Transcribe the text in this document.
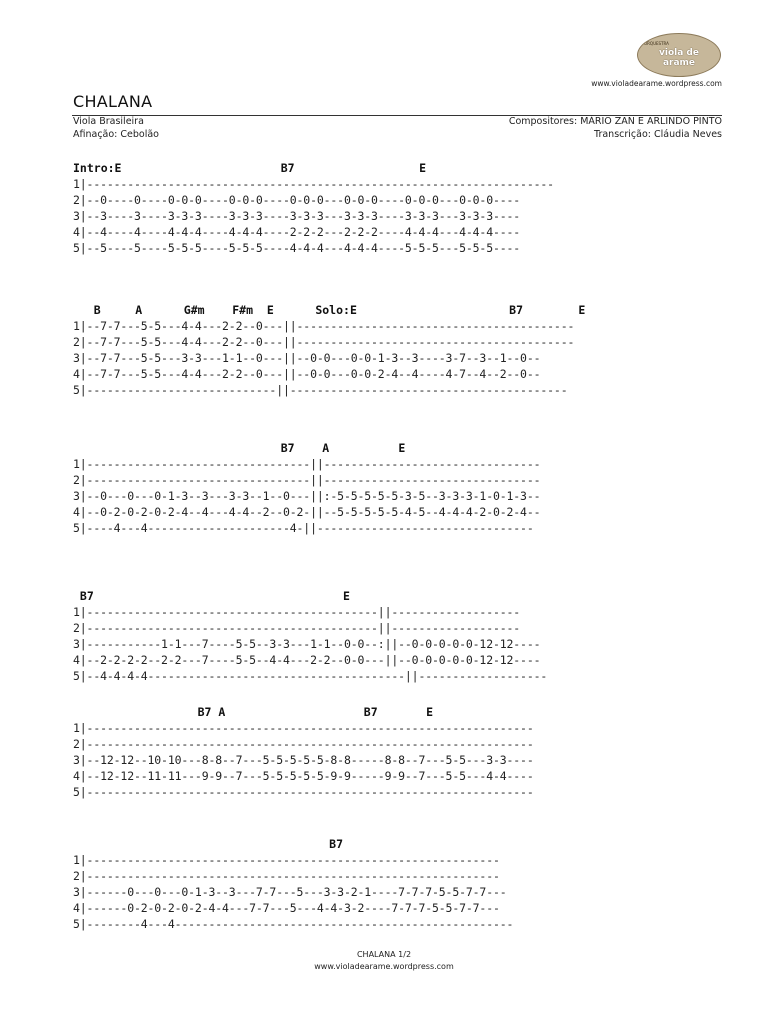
ORQUESTRA
viola de
arame
www.violadearame.wordpress.com
CHALANA
Viola Brasileira
Afinação: Cebolão
Compositores: MÁRIO ZAN E ARLINDO PINTO
Transcrição: Cláudia Neves
Intro:E                       B7                  E
1|---------------------------------------------------------------------
2|--0----0----0-0-0----0-0-0----0-0-0---0-0-0----0-0-0---0-0-0----
3|--3----3----3-3-3----3-3-3----3-3-3---3-3-3----3-3-3---3-3-3----
4|--4----4----4-4-4----4-4-4----2-2-2---2-2-2----4-4-4---4-4-4----
5|--5----5----5-5-5----5-5-5----4-4-4---4-4-4----5-5-5---5-5-5----
B     A      G#m    F#m  E      Solo:E                      B7        E
1|--7-7---5-5---4-4---2-2--0---||-----------------------------------------
2|--7-7---5-5---4-4---2-2--0---||-----------------------------------------
3|--7-7---5-5---3-3---1-1--0---||--0-0---0-0-1-3--3----3-7--3--1--0--
4|--7-7---5-5---4-4---2-2--0---||--0-0---0-0-2-4--4----4-7--4--2--0--
5|----------------------------||-----------------------------------------
B7    A          E
1|---------------------------------||--------------------------------
2|---------------------------------||--------------------------------
3|--0---0---0-1-3--3---3-3--1--0---||:-5-5-5-5-5-3-5--3-3-3-1-0-1-3--
4|--0-2-0-2-0-2-4--4---4-4--2--0-2-||--5-5-5-5-5-4-5--4-4-4-2-0-2-4--
5|----4---4---------------------4-||--------------------------------
B7                                    E
1|-------------------------------------------||-------------------
2|-------------------------------------------||-------------------
3|-----------1-1---7----5-5--3-3---1-1--0-0--:||--0-0-0-0-0-12-12----
4|--2-2-2-2--2-2---7----5-5--4-4---2-2--0-0---||--0-0-0-0-0-12-12----
5|--4-4-4-4--------------------------------------||-------------------
B7 A                    B7       E
1|------------------------------------------------------------------
2|------------------------------------------------------------------
3|--12-12--10-10---8-8--7---5-5-5-5-5-8-8-----8-8--7---5-5---3-3----
4|--12-12--11-11---9-9--7---5-5-5-5-5-9-9-----9-9--7---5-5---4-4----
5|------------------------------------------------------------------
B7
1|-------------------------------------------------------------
2|-------------------------------------------------------------
3|------0---0---0-1-3--3---7-7---5---3-3-2-1----7-7-7-5-5-7-7---
4|------0-2-0-2-0-2-4-4---7-7---5---4-4-3-2----7-7-7-5-5-7-7---
5|--------4---4--------------------------------------------------
CHALANA 1/2
www.violadearame.wordpress.com
